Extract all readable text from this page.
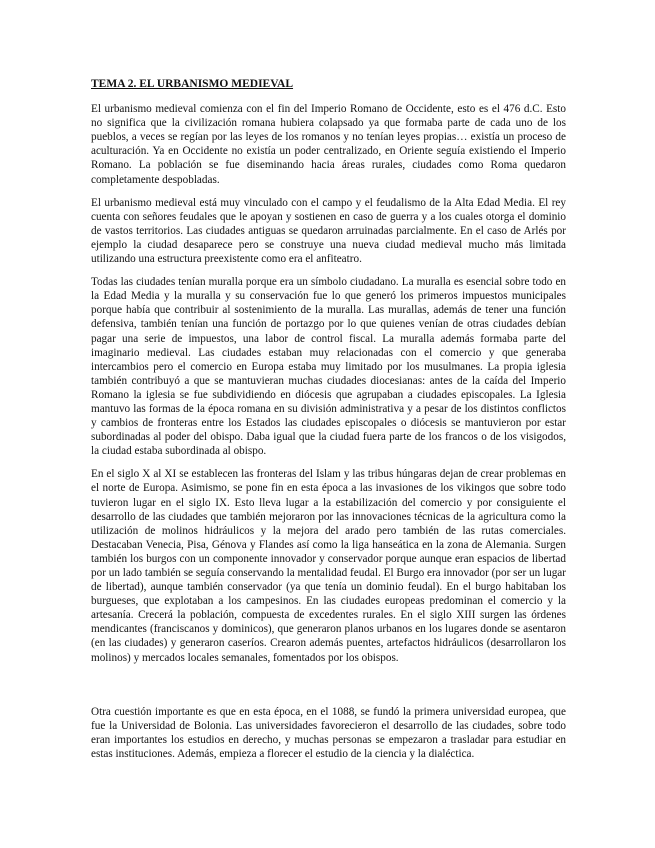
TEMA 2. EL URBANISMO MEDIEVAL

El urbanismo medieval comienza con el fin del Imperio Romano de Occidente, esto es el 476 d.C. Esto no significa que la civilización romana hubiera colapsado ya que formaba parte de cada uno de los pueblos, a veces se regían por las leyes de los romanos y no tenían leyes propias… existía un proceso de aculturación. Ya en Occidente no existía un poder centralizado, en Oriente seguía existiendo el Imperio Romano. La población se fue diseminando hacia áreas rurales, ciudades como Roma quedaron completamente despobladas.

El urbanismo medieval está muy vinculado con el campo y el feudalismo de la Alta Edad Media. El rey cuenta con señores feudales que le apoyan y sostienen en caso de guerra y a los cuales otorga el dominio de vastos territorios. Las ciudades antiguas se quedaron arruinadas parcialmente. En el caso de Arlés por ejemplo la ciudad desaparece pero se construye una nueva ciudad medieval mucho más limitada utilizando una estructura preexistente como era el anfiteatro.

Todas las ciudades tenían muralla porque era un símbolo ciudadano. La muralla es esencial sobre todo en la Edad Media y la muralla y su conservación fue lo que generó los primeros impuestos municipales porque había que contribuir al sostenimiento de la muralla. Las murallas, además de tener una función defensiva, también tenían una función de portazgo por lo que quienes venían de otras ciudades debían pagar una serie de impuestos, una labor de control fiscal. La muralla además formaba parte del imaginario medieval. Las ciudades estaban muy relacionadas con el comercio y que generaba intercambios pero el comercio en Europa estaba muy limitado por los musulmanes. La propia iglesia también contribuyó a que se mantuvieran muchas ciudades diocesianas: antes de la caída del Imperio Romano la iglesia se fue subdividiendo en diócesis que agrupaban a ciudades episcopales. La Iglesia mantuvo las formas de la época romana en su división administrativa y a pesar de los distintos conflictos y cambios de fronteras entre los Estados las ciudades episcopales o diócesis se mantuvieron por estar subordinadas al poder del obispo. Daba igual que la ciudad fuera parte de los francos o de los visigodos, la ciudad estaba subordinada al obispo.

En el siglo X al XI se establecen las fronteras del Islam y las tribus húngaras dejan de crear problemas en el norte de Europa. Asimismo, se pone fin en esta época a las invasiones de los vikingos que sobre todo tuvieron lugar en el siglo IX. Esto lleva lugar a la estabilización del comercio y por consiguiente el desarrollo de las ciudades que también mejoraron por las innovaciones técnicas de la agricultura como la utilización de molinos hidráulicos y la mejora del arado pero también de las rutas comerciales. Destacaban Venecia, Pisa, Génova y Flandes así como la liga hanseática en la zona de Alemania. Surgen también los burgos con un componente innovador y conservador porque aunque eran espacios de libertad por un lado también se seguía conservando la mentalidad feudal. El Burgo era innovador (por ser un lugar de libertad), aunque también conservador (ya que tenía un dominio feudal). En el burgo habitaban los burgueses, que explotaban a los campesinos. En las ciudades europeas predominan el comercio y la artesanía. Crecerá la población, compuesta de excedentes rurales. En el siglo XIII surgen las órdenes mendicantes (franciscanos y dominicos), que generaron planos urbanos en los lugares donde se asentaron (en las ciudades) y generaron caseríos. Crearon además puentes, artefactos hidráulicos (desarrollaron los molinos) y mercados locales semanales, fomentados por los obispos.

Otra cuestión importante es que en esta época, en el 1088, se fundó la primera universidad europea, que fue la Universidad de Bolonia. Las universidades favorecieron el desarrollo de las ciudades, sobre todo eran importantes los estudios en derecho, y muchas personas se empezaron a trasladar para estudiar en estas instituciones. Además, empieza a florecer el estudio de la ciencia y la dialéctica.
